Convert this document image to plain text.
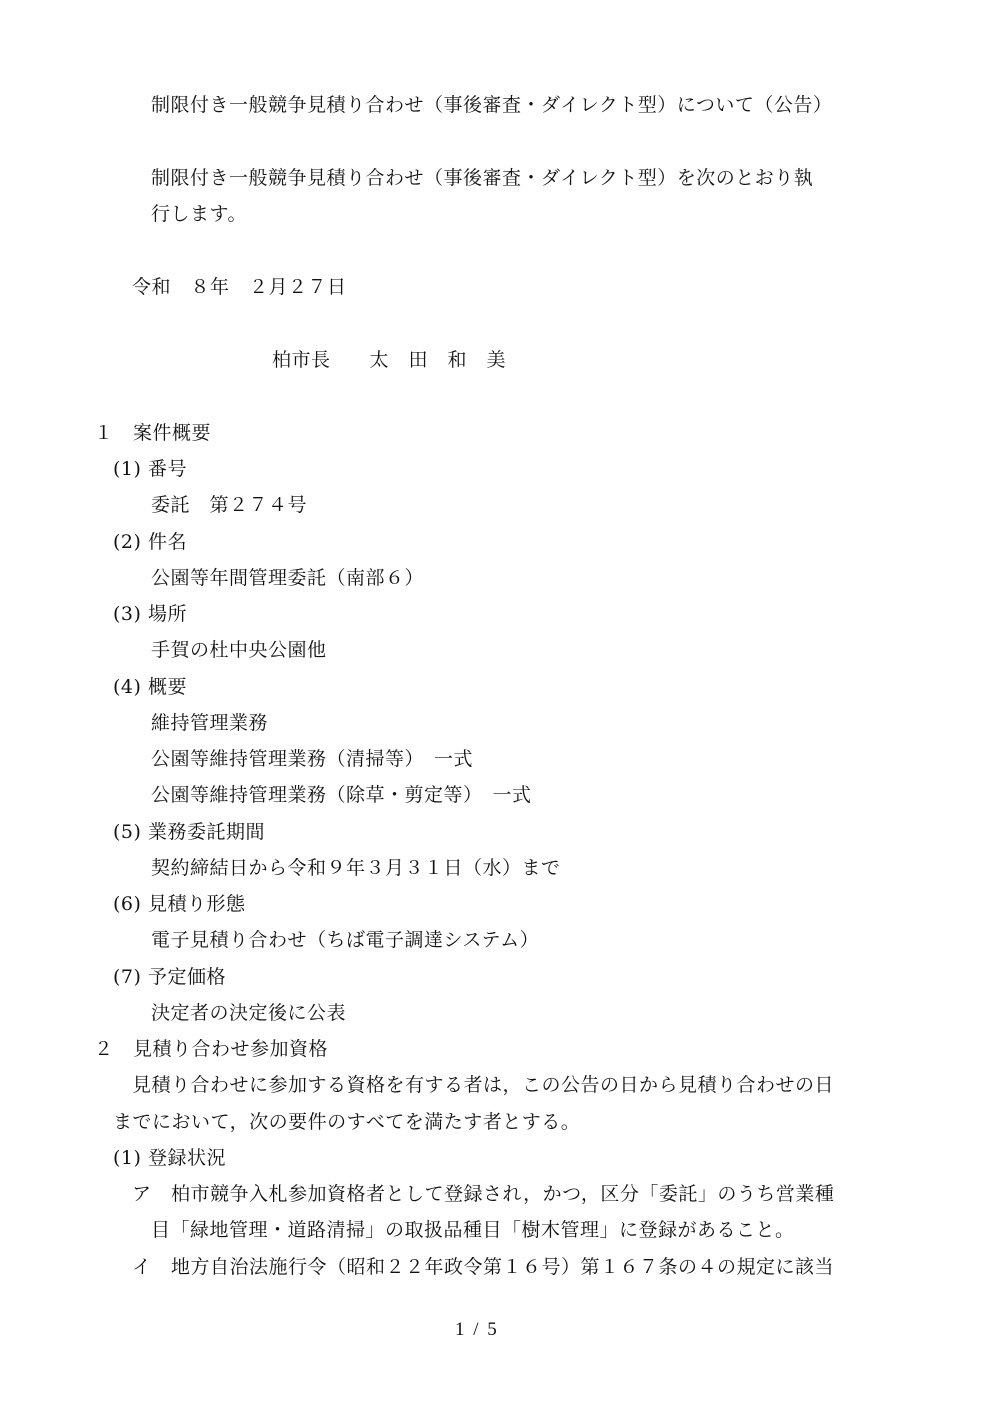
制限付き一般競争見積り合わせ（事後審査・ダイレクト型）について（公告）
制限付き一般競争見積り合わせ（事後審査・ダイレクト型）を次のとおり執
行します。
令和　８年　２月２７日
柏市長　　太　田　和　美
１　案件概要
(1) 番号
委託　第２７４号
(2) 件名
公園等年間管理委託（南部６）
(3) 場所
手賀の杜中央公園他
(4) 概要
維持管理業務
公園等維持管理業務（清掃等）　一式
公園等維持管理業務（除草・剪定等）　一式
(5) 業務委託期間
契約締結日から令和９年３月３１日（水）まで
(6) 見積り形態
電子見積り合わせ（ちば電子調達システム）
(7) 予定価格
決定者の決定後に公表
２　見積り合わせ参加資格
見積り合わせに参加する資格を有する者は，この公告の日から見積り合わせの日
までにおいて，次の要件のすべてを満たす者とする。
(1) 登録状況
ア　柏市競争入札参加資格者として登録され，かつ，区分「委託」のうち営業種
目「緑地管理・道路清掃」の取扱品種目「樹木管理」に登録があること。
イ　地方自治法施行令（昭和２２年政令第１６号）第１６７条の４の規定に該当
1 / 5
